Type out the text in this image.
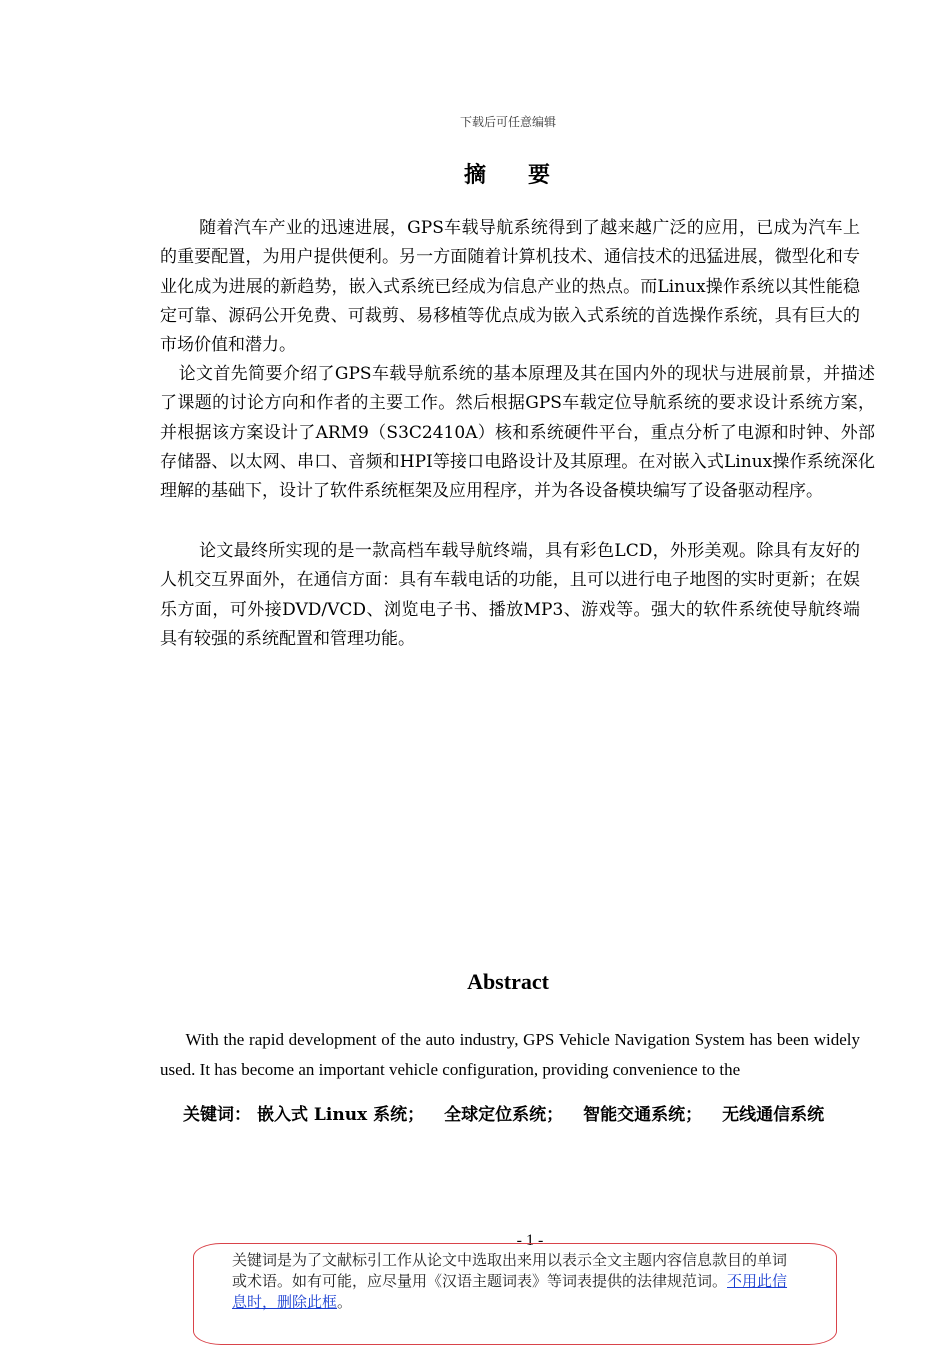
下载后可任意编辑
摘 要
随着汽车产业的迅速进展，GPS车载导航系统得到了越来越广泛的应用，已成为汽车上的重要配置，为用户提供便利。另一方面随着计算机技术、通信技术的迅猛进展，微型化和专业化成为进展的新趋势，嵌入式系统已经成为信息产业的热点。而Linux操作系统以其性能稳定可靠、源码公开免费、可裁剪、易移植等优点成为嵌入式系统的首选操作系统，具有巨大的市场价值和潜力。
论文首先简要介绍了GPS车载导航系统的基本原理及其在国内外的现状与进展前景，并描述了课题的讨论方向和作者的主要工作。然后根据GPS车载定位导航系统的要求设计系统方案，并根据该方案设计了ARM9（S3C2410A）核和系统硬件平台，重点分析了电源和时钟、外部存储器、以太网、串口、音频和HPI等接口电路设计及其原理。在对嵌入式Linux操作系统深化理解的基础下，设计了软件系统框架及应用程序，并为各设备模块编写了设备驱动程序。
论文最终所实现的是一款高档车载导航终端，具有彩色LCD，外形美观。除具有友好的人机交互界面外，在通信方面：具有车载电话的功能，且可以进行电子地图的实时更新；在娱乐方面，可外接DVD/VCD、浏览电子书、播放MP3、游戏等。强大的软件系统使导航终端具有较强的系统配置和管理功能。
Abstract
With the rapid development of the auto industry, GPS Vehicle Navigation System has been widely used. It has become an important vehicle configuration, providing convenience to the
关键词： 嵌入式 Linux 系统； 全球定位系统； 智能交通系统； 无线通信系统
- 1 -
关键词是为了文献标引工作从论文中选取出来用以表示全文主题内容信息款目的单词或术语。如有可能，应尽量用《汉语主题词表》等词表提供的法律规范词。不用此信息时，删除此框。
